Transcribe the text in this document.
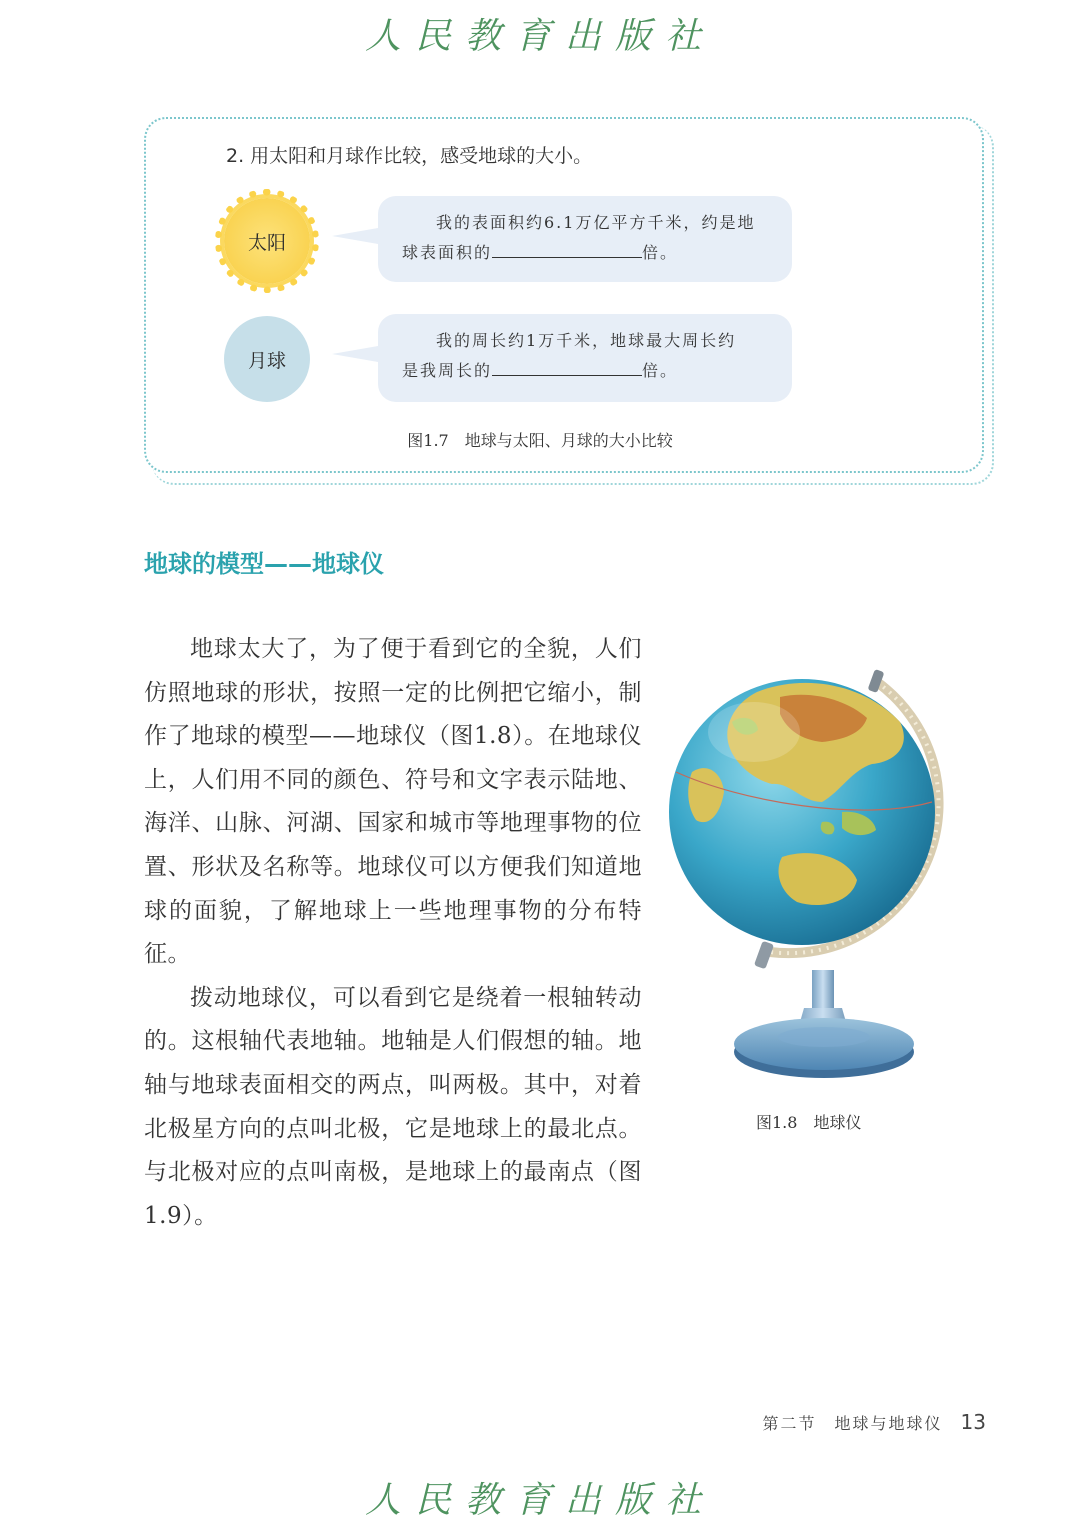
人民教育出版社
2. 用太阳和月球作比较，感受地球的大小。
太阳
我的表面积约6.1万亿平方千米，约是地
球表面积的	倍。
月球
我的周长约1万千米，地球最大周长约
是我周长的	倍。
图1.7　地球与太阳、月球的大小比较
地球的模型——地球仪

地球太大了，为了便于看到它的全貌，人们仿照地球的形状，按照一定的比例把它缩小，制作了地球的模型——地球仪（图1.8）。在地球仪上，人们用不同的颜色、符号和文字表示陆地、海洋、山脉、河湖、国家和城市等地理事物的位置、形状及名称等。地球仪可以方便我们知道地球的面貌，了解地球上一些地理事物的分布特征。

拨动地球仪，可以看到它是绕着一根轴转动的。这根轴代表地轴。地轴是人们假想的轴。地轴与地球表面相交的两点，叫两极。其中，对着北极星方向的点叫北极，它是地球上的最北点。与北极对应的点叫南极，是地球上的最南点（图1.9）。

图1.8　地球仪
第二节　地球与地球仪 13
人民教育出版社
